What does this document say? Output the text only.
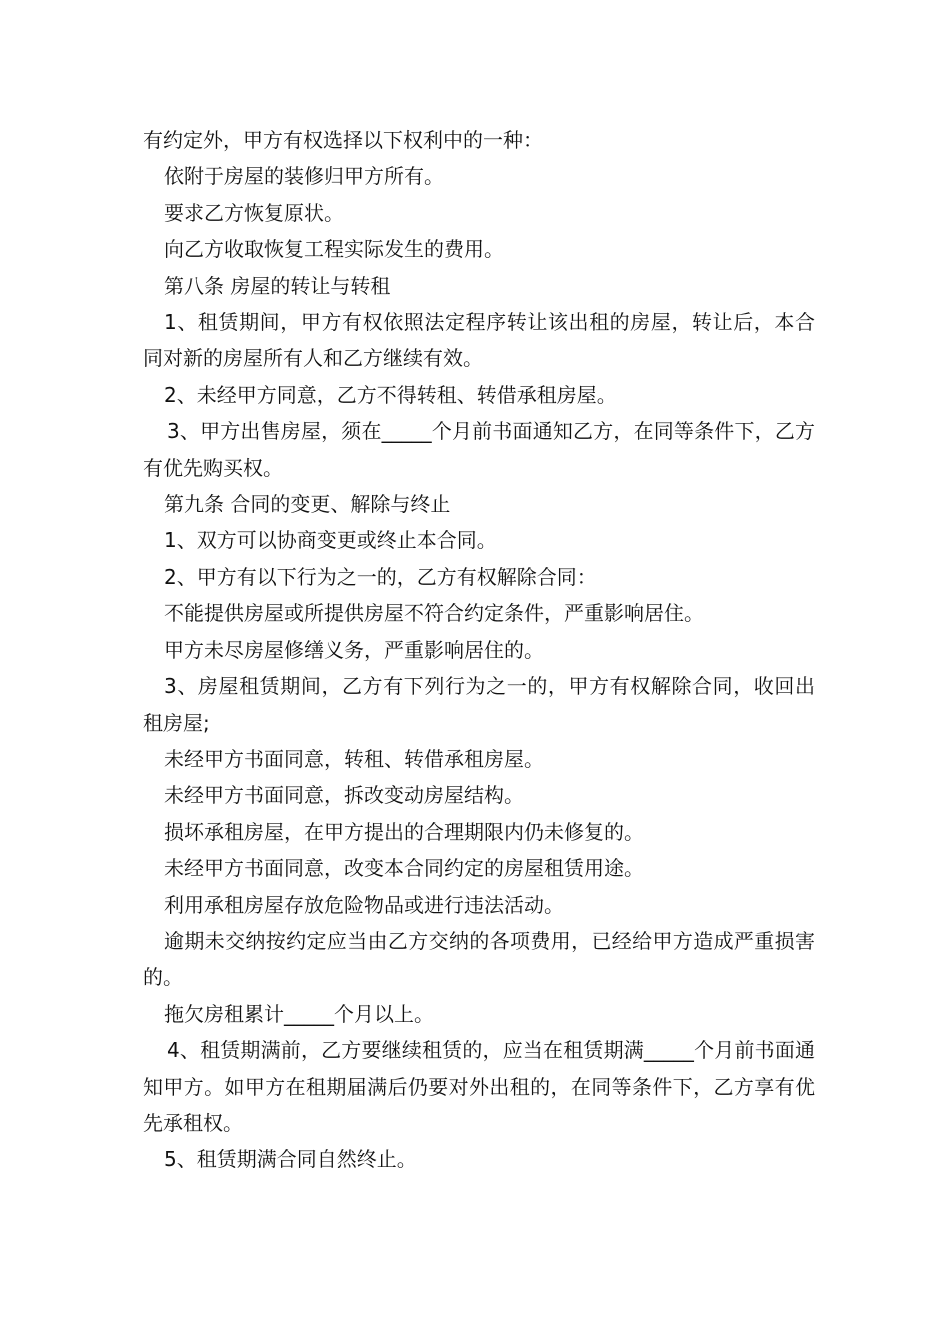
有约定外，甲方有权选择以下权利中的一种：

依附于房屋的装修归甲方所有。

要求乙方恢复原状。

向乙方收取恢复工程实际发生的费用。

第八条 房屋的转让与转租

1、租赁期间，甲方有权依照法定程序转让该出租的房屋，转让后，本合同对新的房屋所有人和乙方继续有效。

2、未经甲方同意，乙方不得转租、转借承租房屋。

3、甲方出售房屋，须在_____个月前书面通知乙方，在同等条件下，乙方有优先购买权。

第九条 合同的变更、解除与终止

1、双方可以协商变更或终止本合同。

2、甲方有以下行为之一的，乙方有权解除合同：

不能提供房屋或所提供房屋不符合约定条件，严重影响居住。

甲方未尽房屋修缮义务，严重影响居住的。

3、房屋租赁期间，乙方有下列行为之一的，甲方有权解除合同，收回出租房屋;

未经甲方书面同意，转租、转借承租房屋。

未经甲方书面同意，拆改变动房屋结构。

损坏承租房屋，在甲方提出的合理期限内仍未修复的。

未经甲方书面同意，改变本合同约定的房屋租赁用途。

利用承租房屋存放危险物品或进行违法活动。

逾期未交纳按约定应当由乙方交纳的各项费用，已经给甲方造成严重损害的。

拖欠房租累计_____个月以上。

4、租赁期满前，乙方要继续租赁的，应当在租赁期满_____个月前书面通知甲方。如甲方在租期届满后仍要对外出租的，在同等条件下，乙方享有优先承租权。

5、租赁期满合同自然终止。
